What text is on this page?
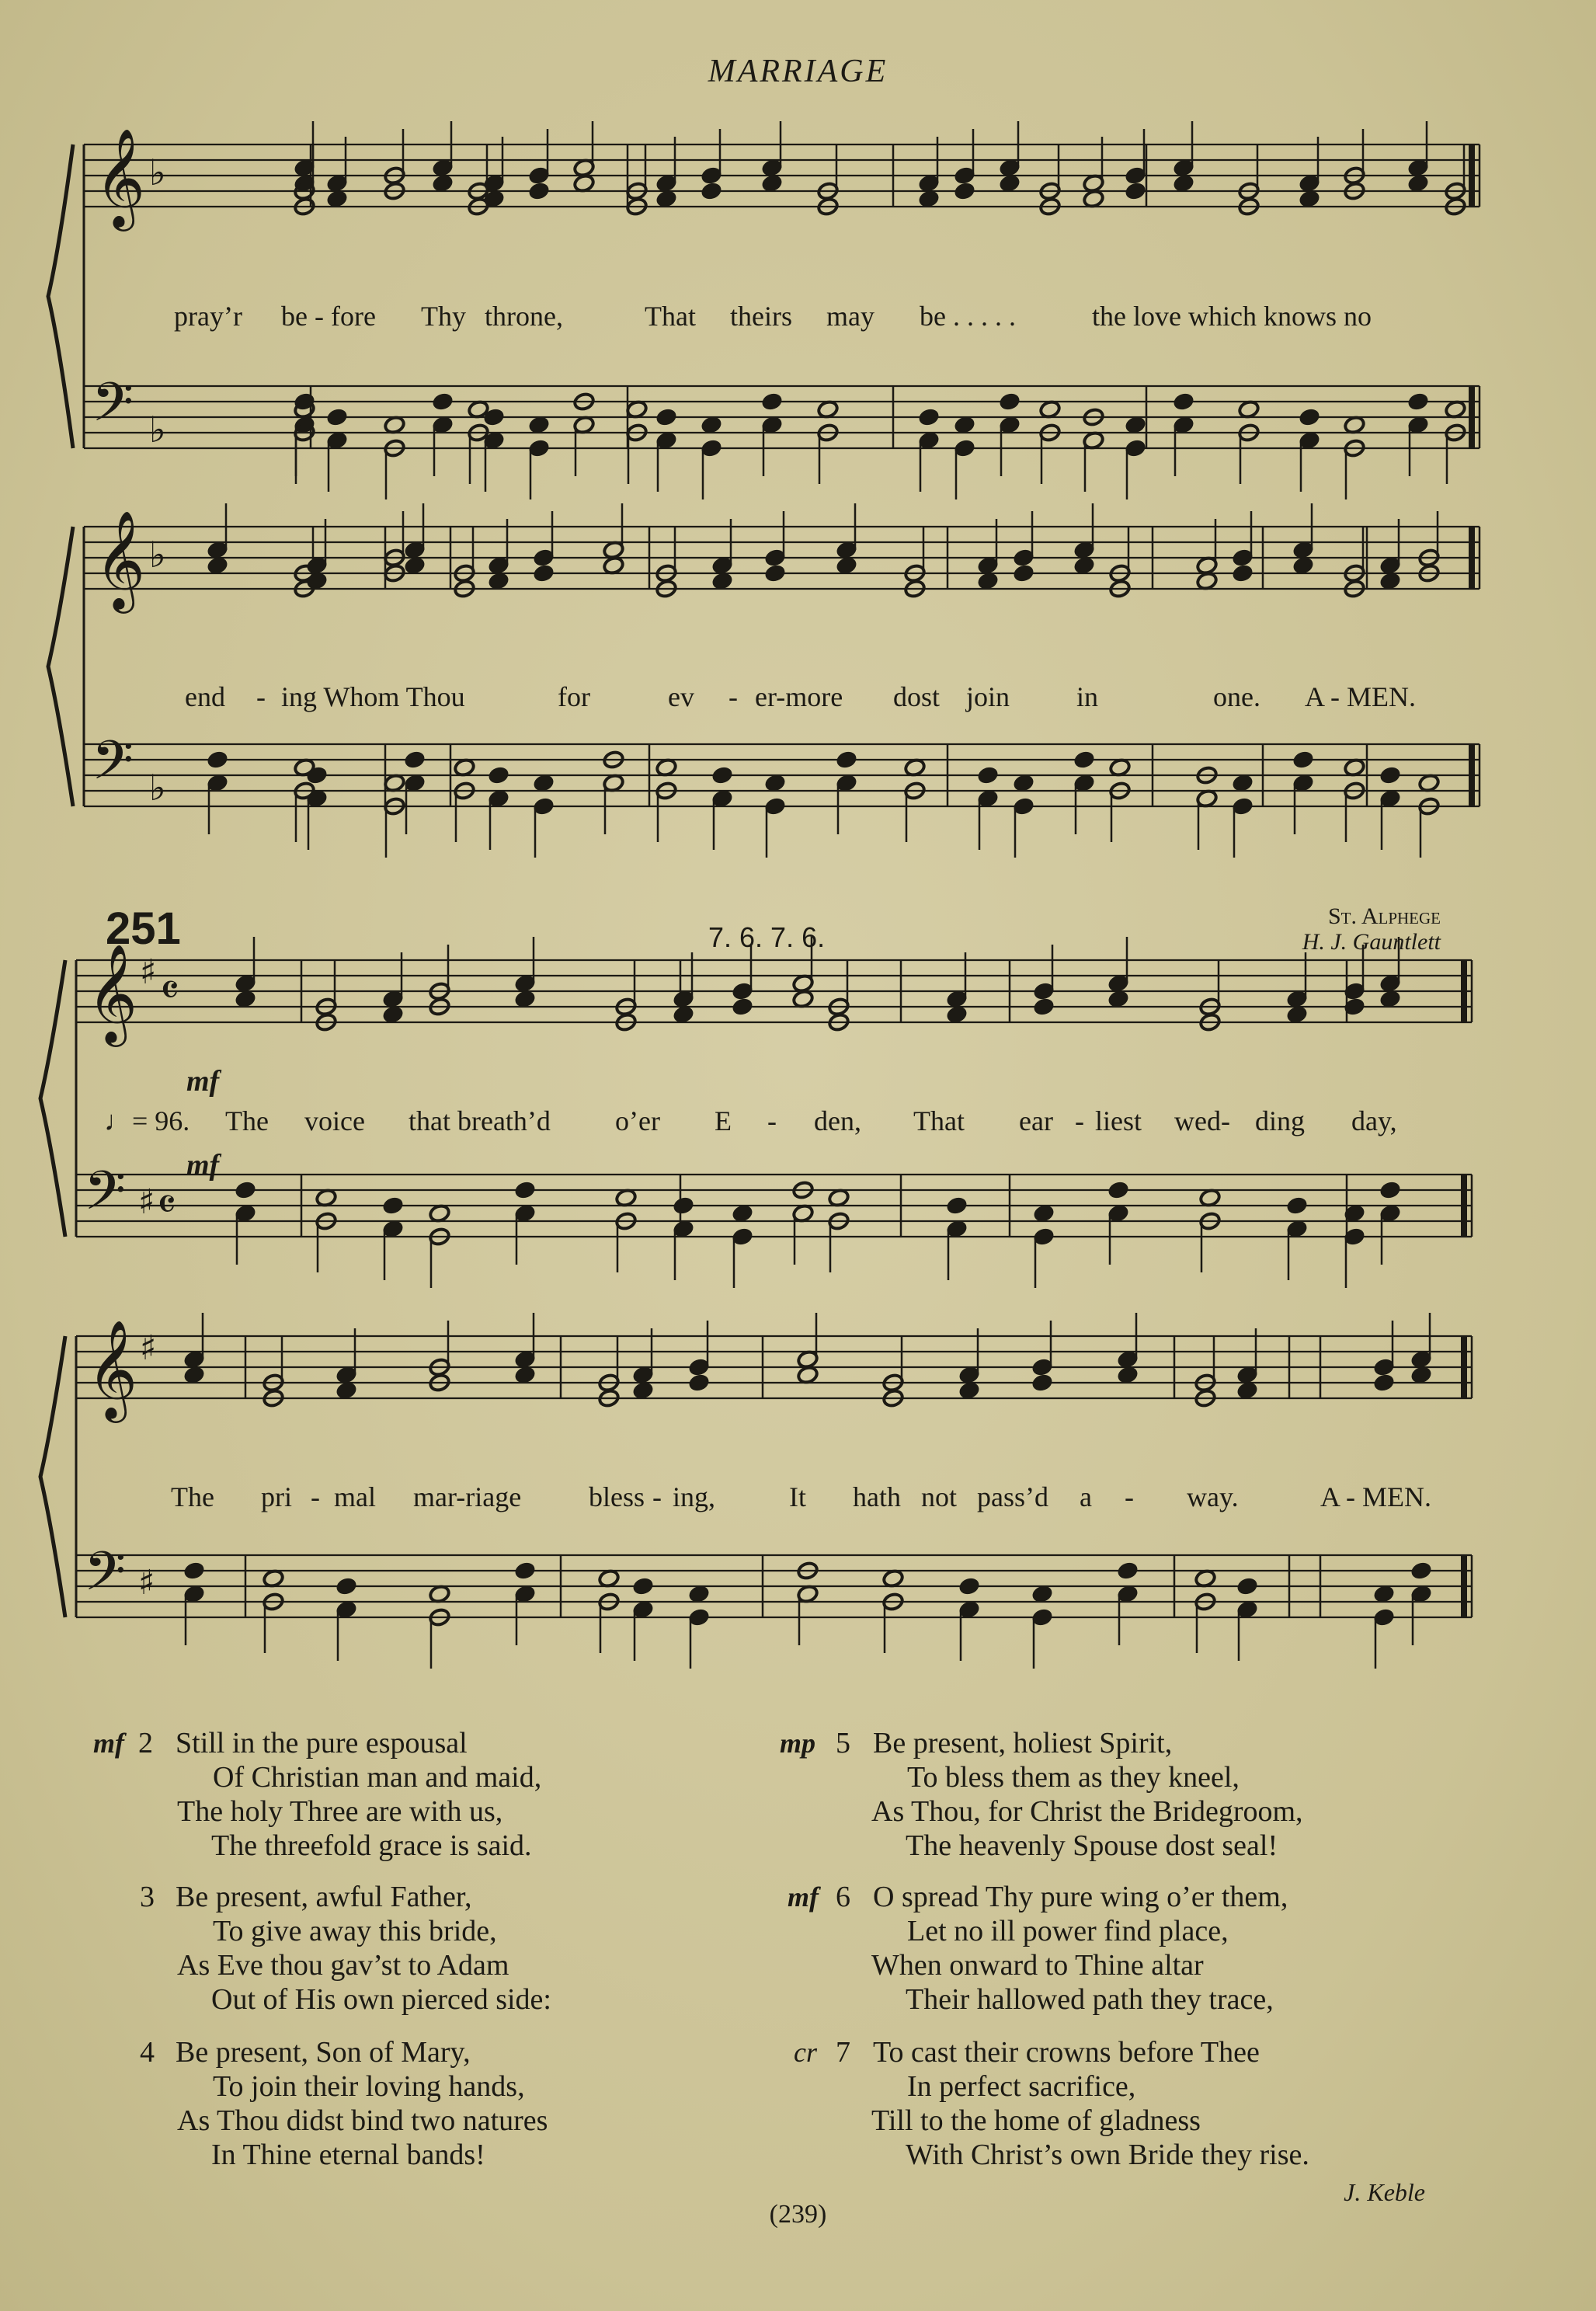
MARRIAGE
𝄞
𝄢
♭
♭
𝄞
𝄢
♭
♭
𝄞
𝄢
♯
♯
𝄴
𝄴
𝄞
𝄢
♯
♯
pray’r be - fore Thy throne,	That theirs may be . . . . .	the love which knows no
end - ing Whom Thou	for	ev - er-more dost join in	one. A - MEN.
251	7. 6. 7. 6.
St. Alphege
H. J. Gauntlett
mf
♩= 96.
mf
The voice that breath’d o’er E - den, That ear - liest wed- ding day,
The pri - mal mar-riage bless - ing,	It hath not pass’d a - way.	A - MEN.
mf 2 Still in the pure espousal
Of Christian man and maid,
The holy Three are with us,
The threefold grace is said.
3 Be present, awful Father,
To give away this bride,
As Eve thou gav’st to Adam
Out of His own pierced side:
4 Be present, Son of Mary,
To join their loving hands,
As Thou didst bind two natures
In Thine eternal bands!
mp 5 Be present, holiest Spirit,
To bless them as they kneel,
As Thou, for Christ the Bridegroom,
The heavenly Spouse dost seal!
mf 6 O spread Thy pure wing o’er them,
Let no ill power find place,
When onward to Thine altar
Their hallowed path they trace,
cr 7 To cast their crowns before Thee
In perfect sacrifice,
Till to the home of gladness
With Christ’s own Bride they rise.
J. Keble
(239)
